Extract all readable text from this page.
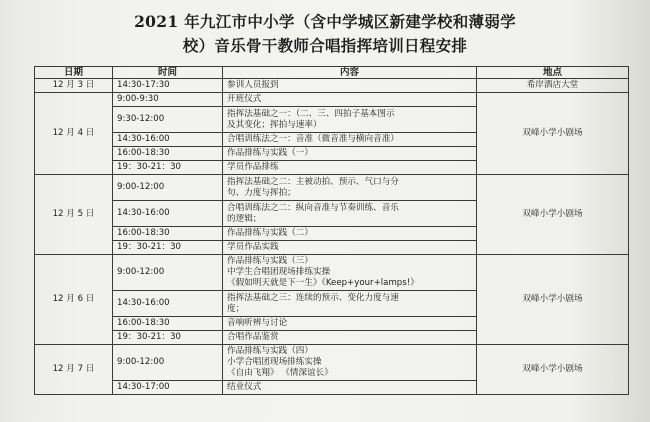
2021 年九江市中小学（含中学城区新建学校和薄弱学
校）音乐骨干教师合唱指挥培训日程安排
日期	时间	内容	地点
12 月 3 日	14:30-17:30	参训人员报到	希岸酒店大堂
12 月 4 日	9:00-9:30	开班仪式	双峰小学小剧场
	9:30-12:00	指挥法基础之一：（二、三、四拍子基本图示
及其变化；挥拍与速率）	

	14:30-16:00	合唱训练法之一：音准（微音准与横向音准）	

	16:00-18:30	作品排练与实践（一）	

	19：30-21：30	学员作品排练	

12 月 5 日	9:00-12:00	指挥法基础之二：主被动拍、预示、气口与分
句、力度与挥拍；	双峰小学小剧场
	14:30-16:00	合唱训练法之二：纵向音准与节奏训练、音乐
的逻辑；	

	16:00-18:30	作品排练与实践（二）	

	19：30-21：30	学员作品实践	

12 月 6 日	9:00-12:00	作品排练与实践（三）
中学生合唱团现场排练实操
《假如明天就是下一生》《Keep+your+lamps!》	双峰小学小剧场
	14:30-16:00	指挥法基础之三：连续的预示、变化力度与速
度；	

	16:00-18:30	音响听辨与讨论	

	19：30-21：30	合唱作品鉴赏	

12 月 7 日	9:00-12:00	作品排练与实践（四）
小学合唱团现场排练实操
《自由飞翔》 《情深谊长》	双峰小学小剧场
	14:30-17:00	结业仪式	
